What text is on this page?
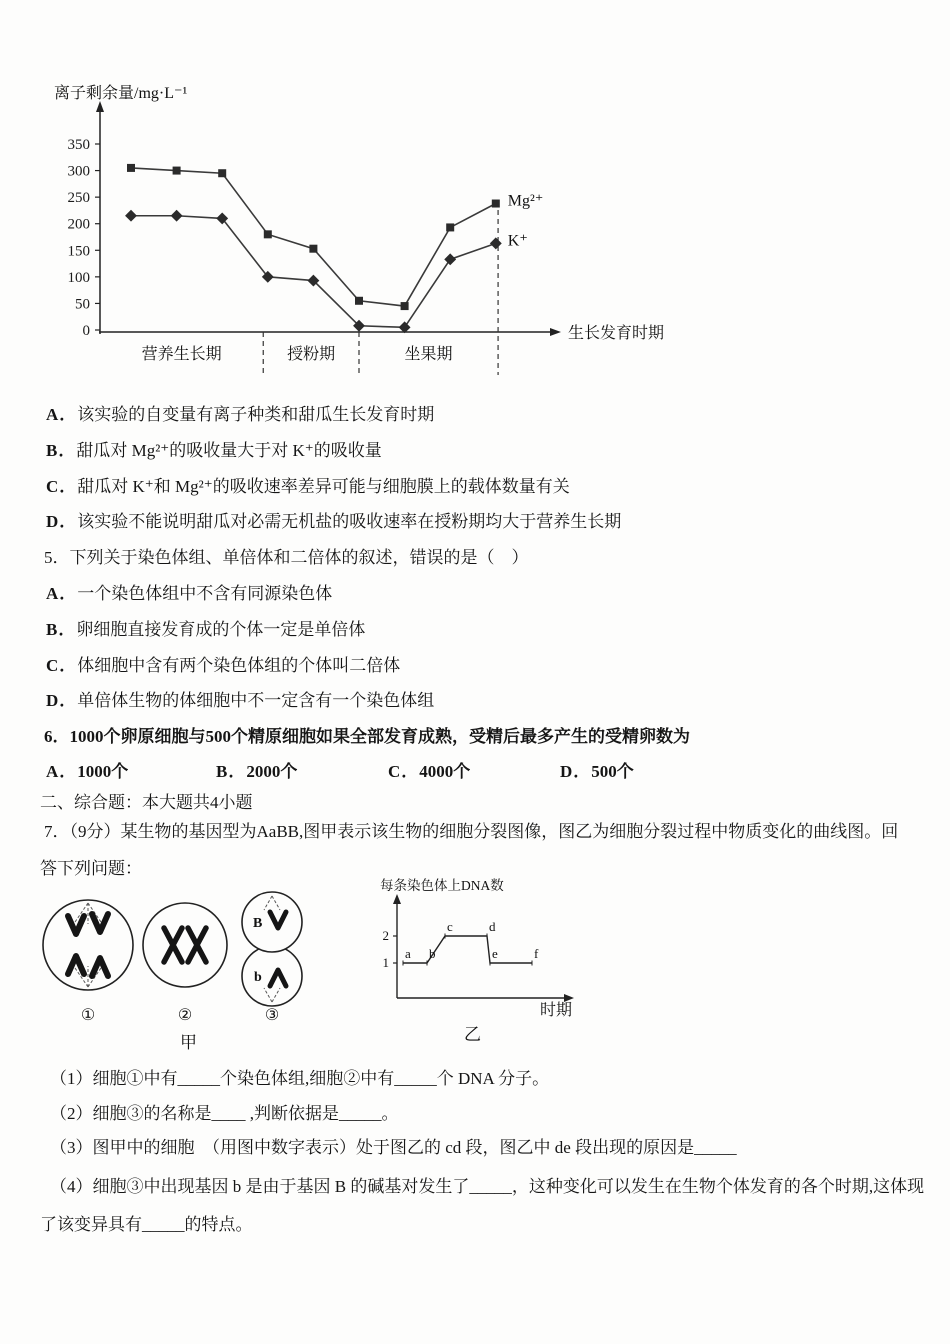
0
50
100
150
200
250
300
350
营养生长期	授粉期	坐果期
Mg²⁺
K⁺
离子剩余量/mg·L⁻¹
生长发育时期
A．该实验的自变量有离子种类和甜瓜生长发育时期
B．甜瓜对 Mg²⁺的吸收量大于对 K⁺的吸收量
C．甜瓜对 K⁺和 Mg²⁺的吸收速率差异可能与细胞膜上的载体数量有关
D．该实验不能说明甜瓜对必需无机盐的吸收速率在授粉期均大于营养生长期
5．下列关于染色体组、单倍体和二倍体的叙述，错误的是（　）
A．一个染色体组中不含有同源染色体
B．卵细胞直接发育成的个体一定是单倍体
C．体细胞中含有两个染色体组的个体叫二倍体
D．单倍体生物的体细胞中不一定含有一个染色体组
6．1000个卵原细胞与500个精原细胞如果全部发育成熟，受精后最多产生的受精卵数为
A．1000个	B．2000个	C．4000个	D．500个
二、综合题：本大题共4小题
7．（9分）某生物的基因型为AaBB,图甲表示该生物的细胞分裂图像，图乙为细胞分裂过程中物质变化的曲线图。回
答下列问题：
①	②
B
b
③
甲
1
2
a b
c	d
e	f
每条染色体上DNA数
时期
乙
（1）细胞①中有_____个染色体组,细胞②中有_____个 DNA 分子。
（2）细胞③的名称是____ ,判断依据是_____。
（3）图甲中的细胞　（用图中数字表示）处于图乙的 cd 段，图乙中 de 段出现的原因是_____
（4）细胞③中出现基因 b 是由于基因 B 的碱基对发生了_____，这种变化可以发生在生物个体发育的各个时期,这体现
了该变异具有_____的特点。
